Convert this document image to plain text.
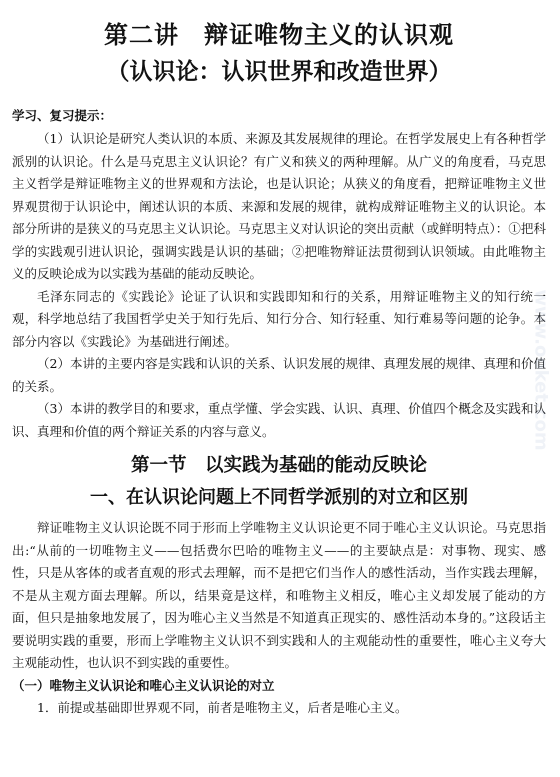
第二讲　辩证唯物主义的认识观
（认识论：认识世界和改造世界）
学习、复习提示：

（1）认识论是研究人类认识的本质、来源及其发展规律的理论。在哲学发展史上有各种哲学派别的认识论。什么是马克思主义认识论？有广义和狭义的两种理解。从广义的角度看，马克思主义哲学是辩证唯物主义的世界观和方法论，也是认识论；从狭义的角度看，把辩证唯物主义世界观贯彻于认识论中，阐述认识的本质、来源和发展的规律，就构成辩证唯物主义的认识论。本部分所讲的是狭义的马克思主义认识论。马克思主义对认识论的突出贡献（或鲜明特点）：①把科学的实践观引进认识论，强调实践是认识的基础；②把唯物辩证法贯彻到认识领域。由此唯物主义的反映论成为以实践为基础的能动反映论。

毛泽东同志的《实践论》论证了认识和实践即知和行的关系，用辩证唯物主义的知行统一观，科学地总结了我国哲学史关于知行先后、知行分合、知行轻重、知行难易等问题的论争。本部分内容以《实践论》为基础进行阐述。

（2）本讲的主要内容是实践和认识的关系、认识发展的规律、真理发展的规律、真理和价值的关系。

（3）本讲的教学目的和要求，重点学懂、学会实践、认识、真理、价值四个概念及实践和认识、真理和价值的两个辩证关系的内容与意义。

第一节　以实践为基础的能动反映论
一、在认识论问题上不同哲学派别的对立和区别

辩证唯物主义认识论既不同于形而上学唯物主义认识论更不同于唯心主义认识论。马克思指出:“从前的一切唯物主义——包括费尔巴哈的唯物主义——的主要缺点是：对事物、现实、感性，只是从客体的或者直观的形式去理解，而不是把它们当作人的感性活动，当作实践去理解，不是从主观方面去理解。所以，结果竟是这样，和唯物主义相反，唯心主义却发展了能动的方面，但只是抽象地发展了，因为唯心主义当然是不知道真正现实的、感性活动本身的。”这段话主要说明实践的重要，形而上学唯物主义认识不到实践和人的主观能动性的重要性，唯心主义夸大主观能动性，也认识不到实践的重要性。

（一）唯物主义认识论和唯心主义认识论的对立
1．前提或基础即世界观不同，前者是唯物主义，后者是唯心主义。
www.ooket.com
